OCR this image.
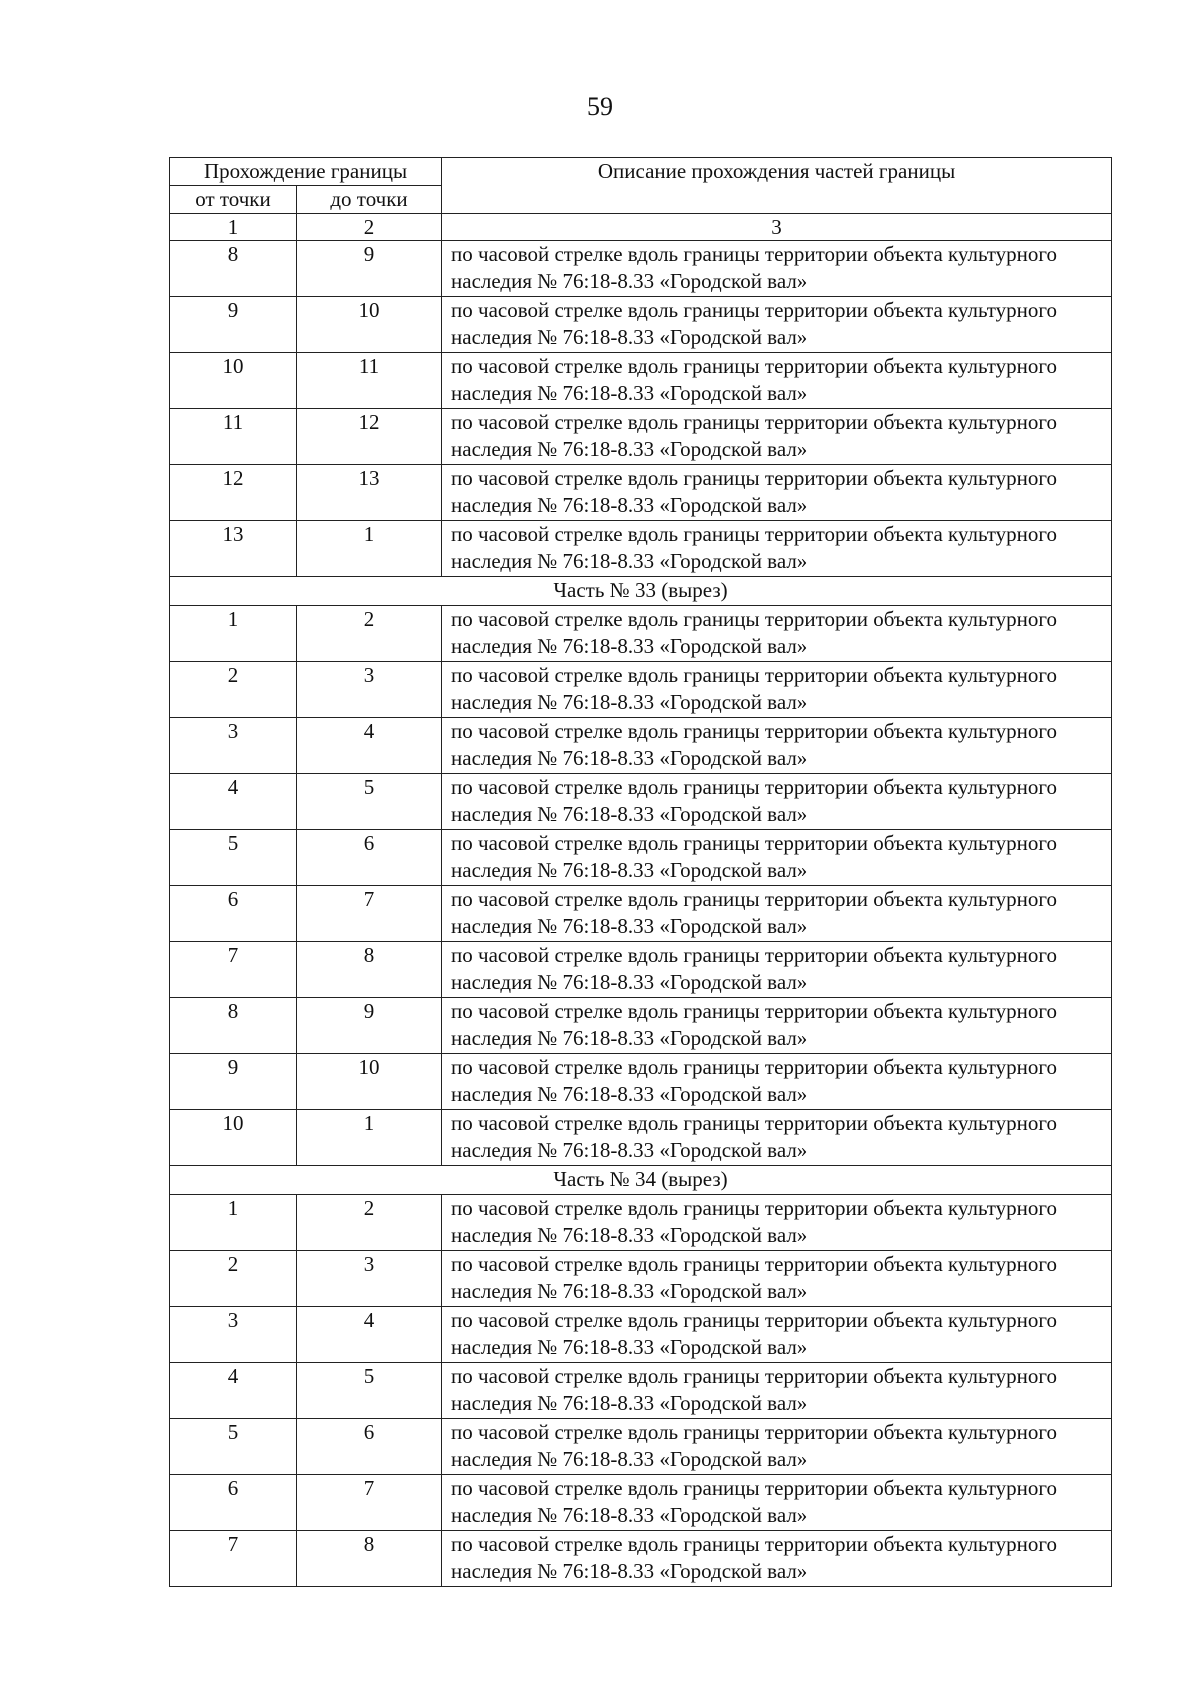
59
Прохождение границы		Описание прохождения частей границы
от точки	до точки	
1	2	3
8	9	по часовой стрелке вдоль границы территории объекта культурного наследия № 76:18-8.33 «Городской вал»
9	10	по часовой стрелке вдоль границы территории объекта культурного наследия № 76:18-8.33 «Городской вал»
10	11	по часовой стрелке вдоль границы территории объекта культурного наследия № 76:18-8.33 «Городской вал»
11	12	по часовой стрелке вдоль границы территории объекта культурного наследия № 76:18-8.33 «Городской вал»
12	13	по часовой стрелке вдоль границы территории объекта культурного наследия № 76:18-8.33 «Городской вал»
13	1	по часовой стрелке вдоль границы территории объекта культурного наследия № 76:18-8.33 «Городской вал»
Часть № 33 (вырез)		
1	2	по часовой стрелке вдоль границы территории объекта культурного наследия № 76:18-8.33 «Городской вал»
2	3	по часовой стрелке вдоль границы территории объекта культурного наследия № 76:18-8.33 «Городской вал»
3	4	по часовой стрелке вдоль границы территории объекта культурного наследия № 76:18-8.33 «Городской вал»
4	5	по часовой стрелке вдоль границы территории объекта культурного наследия № 76:18-8.33 «Городской вал»
5	6	по часовой стрелке вдоль границы территории объекта культурного наследия № 76:18-8.33 «Городской вал»
6	7	по часовой стрелке вдоль границы территории объекта культурного наследия № 76:18-8.33 «Городской вал»
7	8	по часовой стрелке вдоль границы территории объекта культурного наследия № 76:18-8.33 «Городской вал»
8	9	по часовой стрелке вдоль границы территории объекта культурного наследия № 76:18-8.33 «Городской вал»
9	10	по часовой стрелке вдоль границы территории объекта культурного наследия № 76:18-8.33 «Городской вал»
10	1	по часовой стрелке вдоль границы территории объекта культурного наследия № 76:18-8.33 «Городской вал»
Часть № 34 (вырез)		
1	2	по часовой стрелке вдоль границы территории объекта культурного наследия № 76:18-8.33 «Городской вал»
2	3	по часовой стрелке вдоль границы территории объекта культурного наследия № 76:18-8.33 «Городской вал»
3	4	по часовой стрелке вдоль границы территории объекта культурного наследия № 76:18-8.33 «Городской вал»
4	5	по часовой стрелке вдоль границы территории объекта культурного наследия № 76:18-8.33 «Городской вал»
5	6	по часовой стрелке вдоль границы территории объекта культурного наследия № 76:18-8.33 «Городской вал»
6	7	по часовой стрелке вдоль границы территории объекта культурного наследия № 76:18-8.33 «Городской вал»
7	8	по часовой стрелке вдоль границы территории объекта культурного наследия № 76:18-8.33 «Городской вал»
